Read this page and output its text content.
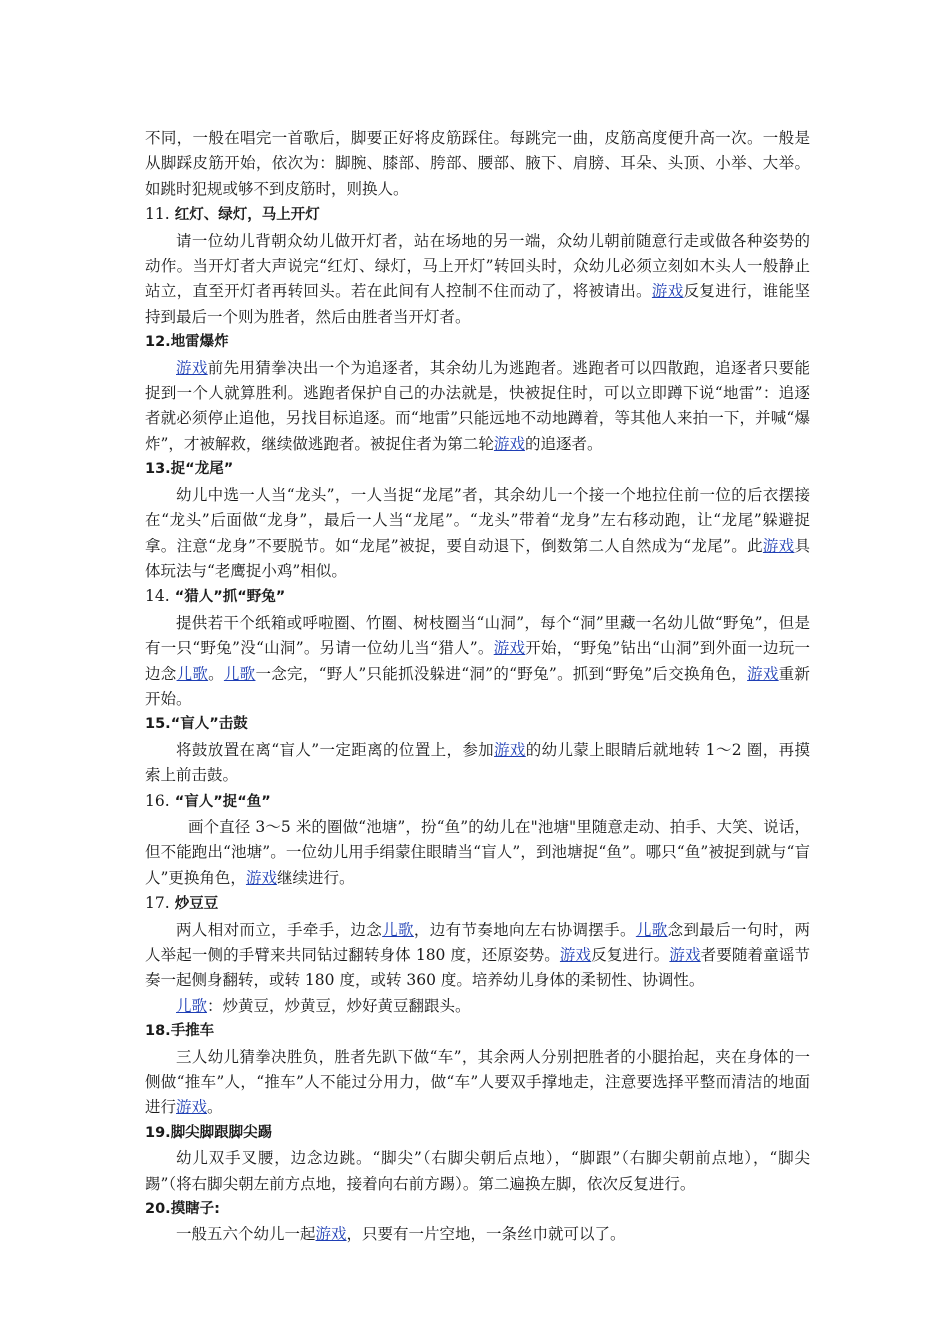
不同，一般在唱完一首歌后，脚要正好将皮筋踩住。每跳完一曲，皮筋高度便升高一次。一般是从脚踩皮筋开始，依次为：脚腕、膝部、胯部、腰部、腋下、肩膀、耳朵、头顶、小举、大举。如跳时犯规或够不到皮筋时，则换人。

11. 红灯、绿灯，马上开灯

请一位幼儿背朝众幼儿做开灯者，站在场地的另一端，众幼儿朝前随意行走或做各种姿势的动作。当开灯者大声说完“红灯、绿灯，马上开灯”转回头时，众幼儿必须立刻如木头人一般静止站立，直至开灯者再转回头。若在此间有人控制不住而动了，将被请出。游戏反复进行，谁能坚持到最后一个则为胜者，然后由胜者当开灯者。

12.地雷爆炸

游戏前先用猜拳决出一个为追逐者，其余幼儿为逃跑者。逃跑者可以四散跑，追逐者只要能捉到一个人就算胜利。逃跑者保护自己的办法就是，快被捉住时，可以立即蹲下说“地雷”：追逐者就必须停止追他，另找目标追逐。而“地雷”只能远地不动地蹲着，等其他人来拍一下，并喊“爆炸”，才被解救，继续做逃跑者。被捉住者为第二轮游戏的追逐者。

13.捉“龙尾”

幼儿中选一人当“龙头”，一人当捉“龙尾”者，其余幼儿一个接一个地拉住前一位的后衣摆接在“龙头”后面做“龙身”，最后一人当“龙尾”。“龙头”带着“龙身”左右移动跑，让“龙尾”躲避捉拿。注意“龙身”不要脱节。如“龙尾”被捉，要自动退下，倒数第二人自然成为“龙尾”。此游戏具体玩法与“老鹰捉小鸡”相似。

14. “猎人”抓“野兔”

提供若干个纸箱或呼啦圈、竹圈、树枝圈当“山洞”，每个“洞”里藏一名幼儿做“野兔”，但是有一只“野兔”没“山洞”。另请一位幼儿当“猎人”。游戏开始，“野兔”钻出“山洞”到外面一边玩一边念儿歌。儿歌一念完，“野人”只能抓没躲进“洞”的“野兔”。抓到“野兔”后交换角色，游戏重新开始。

15.“盲人”击鼓

将鼓放置在离“盲人”一定距离的位置上，参加游戏的幼儿蒙上眼睛后就地转 1～2 圈，再摸索上前击鼓。

16. “盲人”捉“鱼”

画个直径 3～5 米的圈做“池塘”，扮“鱼”的幼儿在"池塘"里随意走动、拍手、大笑、说话，但不能跑出“池塘”。一位幼儿用手绢蒙住眼睛当“盲人”，到池塘捉“鱼”。哪只“鱼”被捉到就与“盲人”更换角色，游戏继续进行。

17. 炒豆豆

两人相对而立，手牵手，边念儿歌，边有节奏地向左右协调摆手。儿歌念到最后一句时，两人举起一侧的手臂来共同钻过翻转身体 180 度，还原姿势。游戏反复进行。游戏者要随着童谣节奏一起侧身翻转，或转 180 度，或转 360 度。培养幼儿身体的柔韧性、协调性。

儿歌：炒黄豆，炒黄豆，炒好黄豆翻跟头。

18.手推车

三人幼儿猜拳决胜负，胜者先趴下做“车”，其余两人分别把胜者的小腿抬起，夹在身体的一侧做“推车”人，“推车”人不能过分用力，做“车”人要双手撑地走，注意要选择平整而清洁的地面进行游戏。

19.脚尖脚跟脚尖踢

幼儿双手叉腰，边念边跳。“脚尖”（右脚尖朝后点地），“脚跟”（右脚尖朝前点地），“脚尖踢”（将右脚尖朝左前方点地，接着向右前方踢）。第二遍换左脚，依次反复进行。

20.摸瞎子:

一般五六个幼儿一起游戏，只要有一片空地，一条丝巾就可以了。
